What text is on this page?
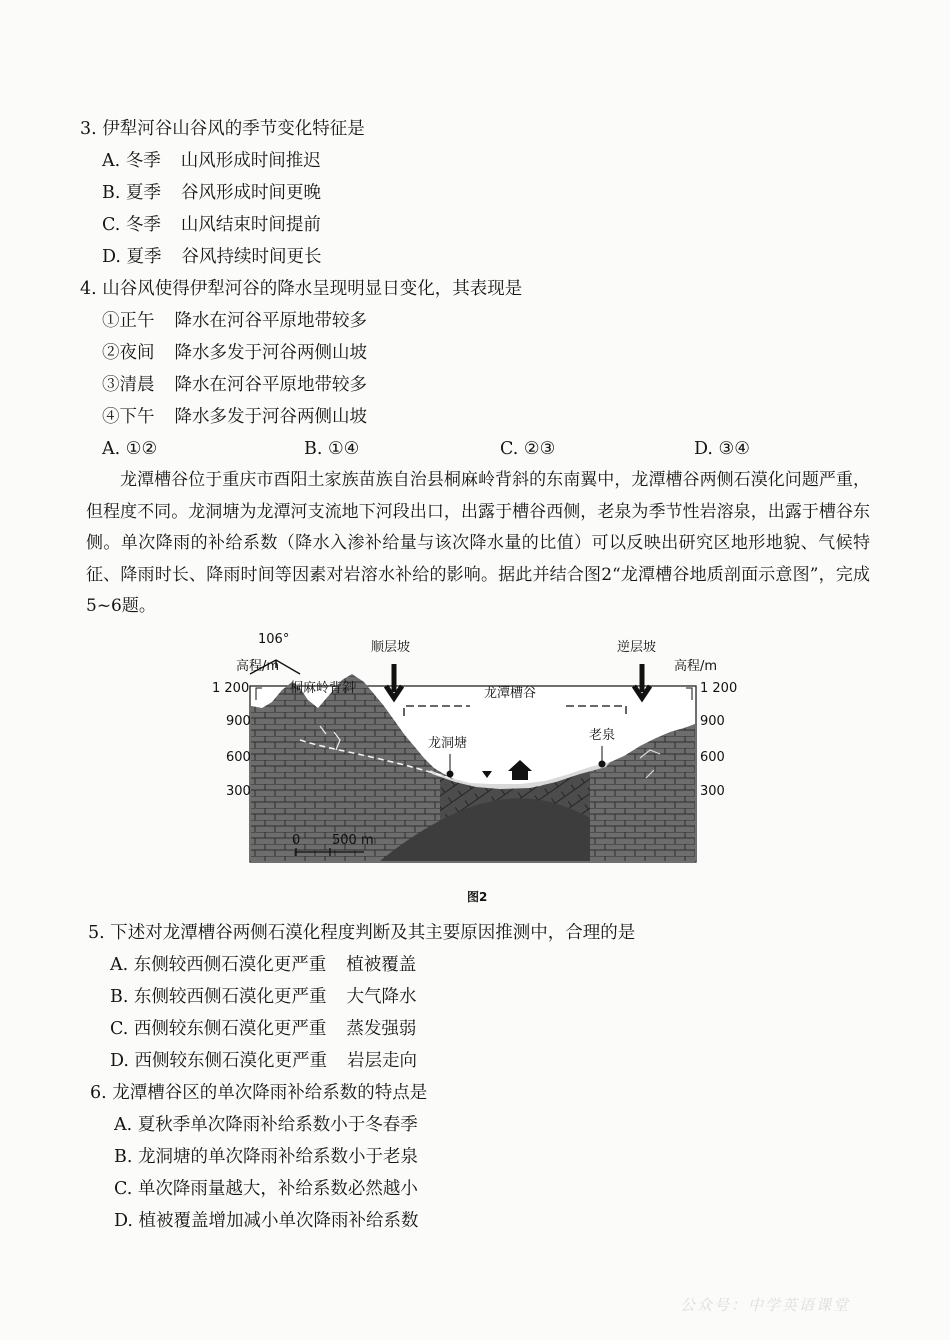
3. 伊犁河谷山谷风的季节变化特征是
A. 冬季 山风形成时间推迟
B. 夏季 谷风形成时间更晚
C. 冬季 山风结束时间提前
D. 夏季 谷风持续时间更长
4. 山谷风使得伊犁河谷的降水呈现明显日变化，其表现是
①正午 降水在河谷平原地带较多
②夜间 降水多发于河谷两侧山坡
③清晨 降水在河谷平原地带较多
④下午 降水多发于河谷两侧山坡
A. ①②	B. ①④	C. ②③	D. ③④

龙潭槽谷位于重庆市酉阳土家族苗族自治县桐麻岭背斜的东南翼中，龙潭槽谷两侧石漠化问题严重，但程度不同。龙洞塘为龙潭河支流地下河段出口，出露于槽谷西侧，老泉为季节性岩溶泉，出露于槽谷东侧。单次降雨的补给系数（降水入渗补给量与该次降水量的比值）可以反映出研究区地形地貌、气候特征、降雨时长、降雨时间等因素对岩溶水补给的影响。据此并结合图2“龙潭槽谷地质剖面示意图”，完成5~6题。

106°
顺层坡	逆层坡
高程/m	高程/m
1 200
900
600
300
1 200
900
600
300
桐麻岭背斜	龙潭槽谷
龙洞塘
老泉
0 500 m
图2
5. 下述对龙潭槽谷两侧石漠化程度判断及其主要原因推测中，合理的是
A. 东侧较西侧石漠化更严重 植被覆盖
B. 东侧较西侧石漠化更严重 大气降水
C. 西侧较东侧石漠化更严重 蒸发强弱
D. 西侧较东侧石漠化更严重 岩层走向
6. 龙潭槽谷区的单次降雨补给系数的特点是
A. 夏秋季单次降雨补给系数小于冬春季
B. 龙洞塘的单次降雨补给系数小于老泉
C. 单次降雨量越大，补给系数必然越小
D. 植被覆盖增加减小单次降雨补给系数
公众号：中学英语课堂
